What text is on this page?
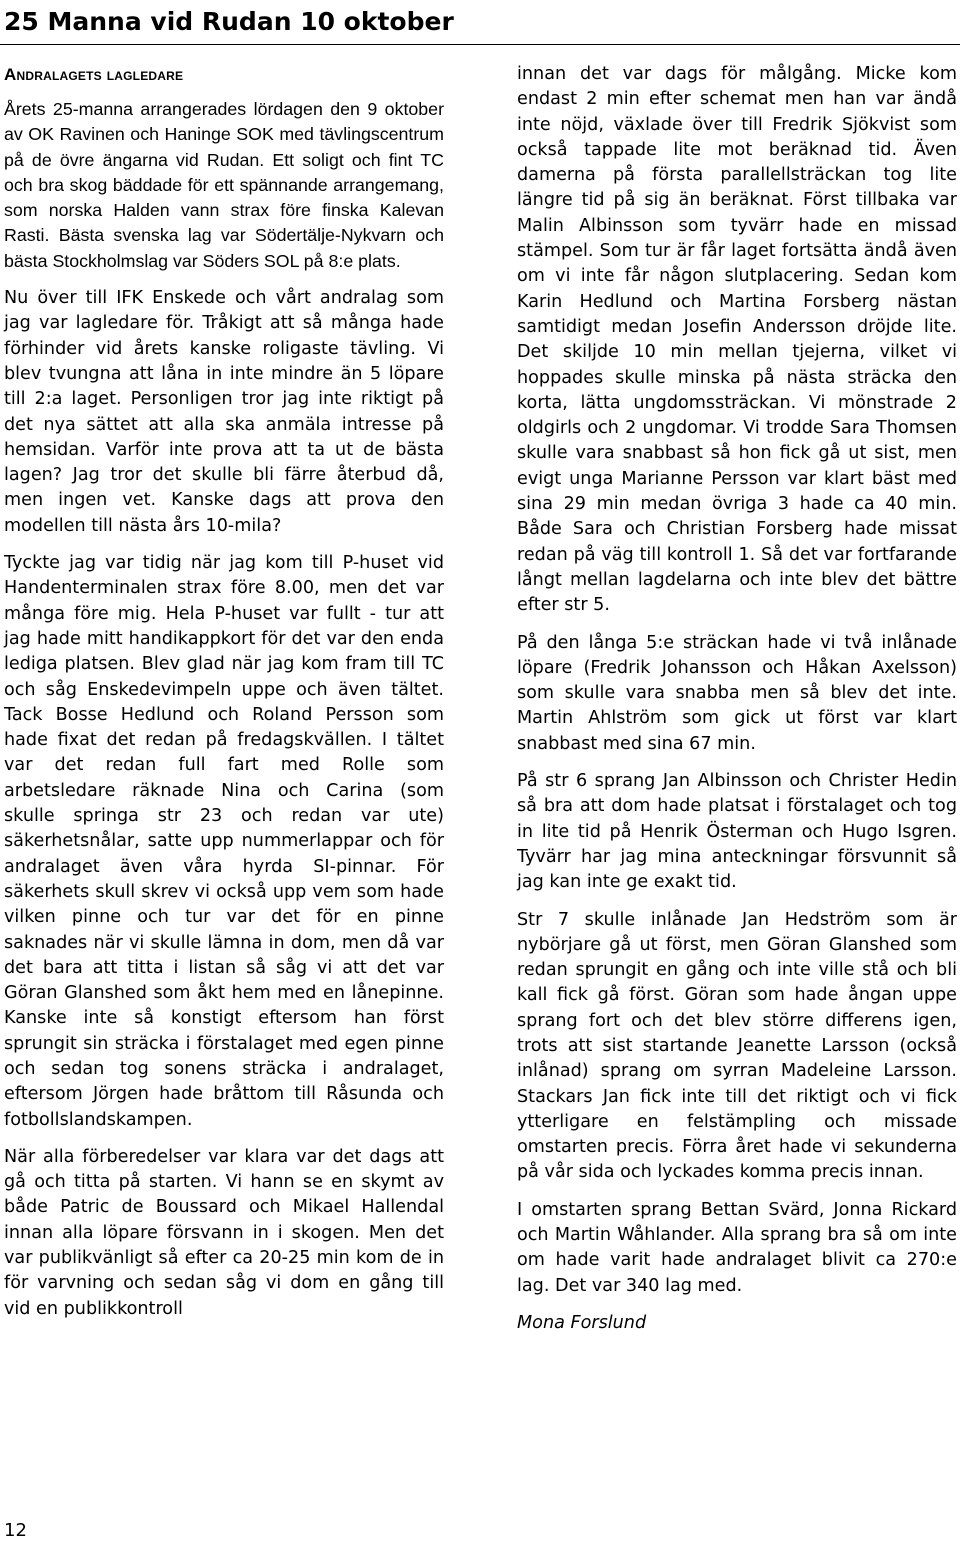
25 Manna vid Rudan 10 oktober
Andralagets lagledare

Årets 25-manna arrangerades lördagen den 9 oktober av OK Ravinen och Haninge SOK med tävlingscentrum på de övre ängarna vid Rudan. Ett soligt och fint TC och bra skog bäddade för ett spännande arrangemang, som norska Halden vann strax före finska Kalevan Rasti. Bästa svenska lag var Södertälje-Nykvarn och bästa Stockholmslag var Söders SOL på 8:e plats.

Nu över till IFK Enskede och vårt andralag som jag var lagledare för. Tråkigt att så många hade förhinder vid årets kanske roligaste tävling. Vi blev tvungna att låna in inte mindre än 5 löpare till 2:a laget. Personligen tror jag inte riktigt på det nya sättet att alla ska anmäla intresse på hemsidan. Varför inte prova att ta ut de bästa lagen? Jag tror det skulle bli färre återbud då, men ingen vet. Kanske dags att prova den modellen till nästa års 10-mila?

Tyckte jag var tidig när jag kom till P-huset vid Handenterminalen strax före 8.00, men det var många före mig. Hela P-huset var fullt - tur att jag hade mitt handikappkort för det var den enda lediga platsen. Blev glad när jag kom fram till TC och såg Enskedevimpeln uppe och även tältet. Tack Bosse Hedlund och Roland Persson som hade fixat det redan på fredagskvällen. I tältet var det redan full fart med Rolle som arbetsledare räknade Nina och Carina (som skulle springa str 23 och redan var ute) säkerhetsnålar, satte upp nummerlappar och för andralaget även våra hyrda SI-pinnar. För säkerhets skull skrev vi också upp vem som hade vilken pinne och tur var det för en pinne saknades när vi skulle lämna in dom, men då var det bara att titta i listan så såg vi att det var Göran Glanshed som åkt hem med en lånepinne. Kanske inte så konstigt eftersom han först sprungit sin sträcka i förstalaget med egen pinne och sedan tog sonens sträcka i andralaget, eftersom Jörgen hade bråttom till Råsunda och fotbollslandskampen.

När alla förberedelser var klara var det dags att gå och titta på starten. Vi hann se en skymt av både Patric de Boussard och Mikael Hallendal innan alla löpare försvann in i skogen. Men det var publikvänligt så efter ca 20-25 min kom de in för varvning och sedan såg vi dom en gång till vid en publikkontroll

innan det var dags för målgång. Micke kom endast 2 min efter schemat men han var ändå inte nöjd, växlade över till Fredrik Sjökvist som också tappade lite mot beräknad tid. Även damerna på första parallellsträckan tog lite längre tid på sig än beräknat. Först tillbaka var Malin Albinsson som tyvärr hade en missad stämpel. Som tur är får laget fortsätta ändå även om vi inte får någon slutplacering. Sedan kom Karin Hedlund och Martina Forsberg nästan samtidigt medan Josefin Andersson dröjde lite. Det skiljde 10 min mellan tjejerna, vilket vi hoppades skulle minska på nästa sträcka den korta, lätta ungdomssträckan. Vi mönstrade 2 oldgirls och 2 ungdomar. Vi trodde Sara Thomsen skulle vara snabbast så hon fick gå ut sist, men evigt unga Marianne Persson var klart bäst med sina 29 min medan övriga 3 hade ca 40 min. Både Sara och Christian Forsberg hade missat redan på väg till kontroll 1. Så det var fortfarande långt mellan lagdelarna och inte blev det bättre efter str 5.

På den långa 5:e sträckan hade vi två inlånade löpare (Fredrik Johansson och Håkan Axelsson) som skulle vara snabba men så blev det inte. Martin Ahlström som gick ut först var klart snabbast med sina 67 min.

På str 6 sprang Jan Albinsson och Christer Hedin så bra att dom hade platsat i förstalaget och tog in lite tid på Henrik Österman och Hugo Isgren. Tyvärr har jag mina anteckningar försvunnit så jag kan inte ge exakt tid.

Str 7 skulle inlånade Jan Hedström som är nybörjare gå ut först, men Göran Glanshed som redan sprungit en gång och inte ville stå och bli kall fick gå först. Göran som hade ångan uppe sprang fort och det blev större differens igen, trots att sist startande Jeanette Larsson (också inlånad) sprang om syrran Madeleine Larsson. Stackars Jan fick inte till det riktigt och vi fick ytterligare en felstämpling och missade omstarten precis. Förra året hade vi sekunderna på vår sida och lyckades komma precis innan.

I omstarten sprang Bettan Svärd, Jonna Rickard och Martin Wåhlander. Alla sprang bra så om inte om hade varit hade andralaget blivit ca 270:e lag. Det var 340 lag med.

Mona Forslund

12
